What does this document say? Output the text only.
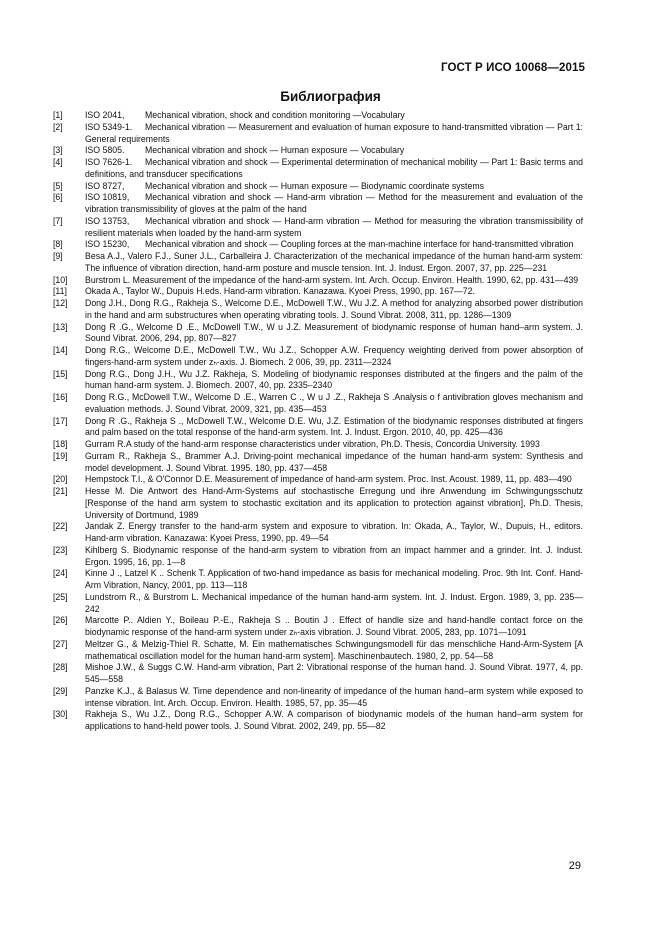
ГОСТ Р ИСО 10068—2015
Библиография
[1]	ISO 2041, Mechanical vibration, shock and condition monitoring —Vocabulary
[2]	ISO 5349-1. Mechanical vibration — Measurement and evaluation of human exposure to hand-transmitted vibration — Part 1: General requirements
[3]	ISO 5805. Mechanical vibration and shock — Human exposure — Vocabulary
[4]	ISO 7626-1. Mechanical vibration and shock — Experimental determination of mechanical mobility — Part 1: Basic terms and definitions, and transducer specifications
[5]	ISO 8727, Mechanical vibration and shock — Human exposure — Biodynamic coordinate systems
[6]	ISO 10819, Mechanical vibration and shock — Hand-arm vibration — Method for the measurement and evaluation of the vibration transmissibility of gloves at the palm of the hand
[7]	ISO 13753, Mechanical vibration and shock — Hand-arm vibration — Method for measuring the vibration transmissibility of resilient materials when loaded by the hand-arm system
[8]	ISO 15230, Mechanical vibration and shock — Coupling forces at the man-machine interface for hand-transmitted vibration
[9]	Besa A.J., Valero F.J., Suner J.L., Carballeira J. Characterization of the mechanical impedance of the human hand-arm system: The influence of vibration direction, hand-arm posture and muscle tension. Int. J. Indust. Ergon. 2007, 37, pp. 225—231
[10]	Burstrom L. Measurement of the impedance of the hand-arm system. Int. Arch. Occup. Environ. Health. 1990, 62, pp. 431—439
[11]	Okada A., Taylor W., Dupuis H.eds. Hand-arm vibration. Kanazawa. Kyoei Press, 1990, pp. 167—72.
[12]	Dong J.H., Dong R.G., Rakheja S., Welcome D.E., McDowell T.W., Wu J.Z. A method for analyzing absorbed power distribution in the hand and arm substructures when operating vibrating tools. J. Sound Vibrat. 2008, 311, pp. 1286—1309
[13]	Dong R .G., Welcome D .E., McDowell T.W., W u J.Z. Measurement of biodynamic response of human hand–arm system. J. Sound Vibrat. 2006, 294, pp. 807—827
[14]	Dong R.G., Welcome D.E., McDowell T.W., Wu J.Z., Schopper A.W. Frequency weighting derived from power absorption of fingers-hand-arm system under zₕ-axis. J. Biomech. 2 006, 39, pp. 2311—2324
[15]	Dong R.G., Dong J.H., Wu J.Z. Rakheja, S. Modeling of biodynamic responses distributed at the fingers and the palm of the human hand-arm system. J. Biomech. 2007, 40, pp. 2335–2340
[16]	Dong R.G., McDowell T.W., Welcome D .E., Warren C ., W u J .Z., Rakheja S .Analysis o f antivibration gloves mechanism and evaluation methods. J. Sound Vibrat. 2009, 321, pp. 435—453
[17]	Dong R .G., Rakheja S ., McDowell T.W., Welcome D.E. Wu, J.Z. Estimation of the biodynamic responses distributed at fingers and palm based on the total response of the hand-arm system. Int. J. Indust. Ergon. 2010, 40, pp. 425—436
[18]	Gurram R.A study of the hand-arm response characteristics under vibration, Ph.D. Thesis, Concordia University. 1993
[19]	Gurram R., Rakheja S., Brammer A.J. Driving-point mechanical impedance of the human hand-arm system: Synthesis and model development. J. Sound Vibrat. 1995. 180, pp. 437—458
[20]	Hempstock T.I., & O'Connor D.E. Measurement of impedance of hand-arm system. Proc. Inst. Acoust. 1989, 11, pp. 483—490
[21]	Hesse M. Die Antwort des Hand-Arm-Systems auf stochastische Erregung und ihre Anwendung im Schwingungsschutz [Response of the hand arm system to stochastic excitation and its application to protection against vibration], Ph.D. Thesis, University of Dortmund, 1989
[22]	Jandak Z. Energy transfer to the hand-arm system and exposure to vibration. In: Okada, A., Taylor, W., Dupuis, H., editors. Hand-arm vibration. Kanazawa: Kyoei Press, 1990, pp. 49—54
[23]	Kihlberg S. Biodynamic response of the hand-arm system to vibration from an impact hammer and a grinder. Int. J. Indust. Ergon. 1995, 16, pp. 1—8
[24]	Kinne J ., Latzel K .. Schenk T. Application of two-hand impedance as basis for mechanical modeling. Proc. 9th Int. Conf. Hand-Arm Vibration, Nancy, 2001, pp. 113—118
[25]	Lundstrom R., & Burstrom L. Mechanical impedance of the human hand-arm system. Int. J. Indust. Ergon. 1989, 3, pp. 235—242
[26]	Marcotte P.. Aldien Y., Boileau P.-E., Rakheja S .. Boutin J . Effect of handle size and hand-handle contact force on the biodynamic response of the hand-arm system under zₕ-axis vibration. J. Sound Vibrat. 2005, 283, pp. 1071—1091
[27]	Meltzer G., & Melzig-Thiel R. Schatte, M. Ein mathematisches Schwingungsmodell für das menschliche Hand-Arm-System [A mathematical oscillation model for the human hand-arm system]. Maschinenbautech. 1980, 2, pp. 54—58
[28]	Mishoe J.W., & Suggs C.W. Hand-arm vibration, Part 2: Vibrational response of the human hand. J. Sound Vibrat. 1977, 4, pp. 545—558
[29]	Panzke K.J., & Balasus W. Time dependence and non-linearity of impedance of the human hand–arm system while exposed to intense vibration. Int. Arch. Occup. Environ. Health. 1985, 57, pp. 35—45
[30]	Rakheja S., Wu J.Z., Dong R.G., Schopper A.W. A comparison of biodynamic models of the human hand–arm system for applications to hand-held power tools. J. Sound Vibrat. 2002, 249, pp. 55—82
29
